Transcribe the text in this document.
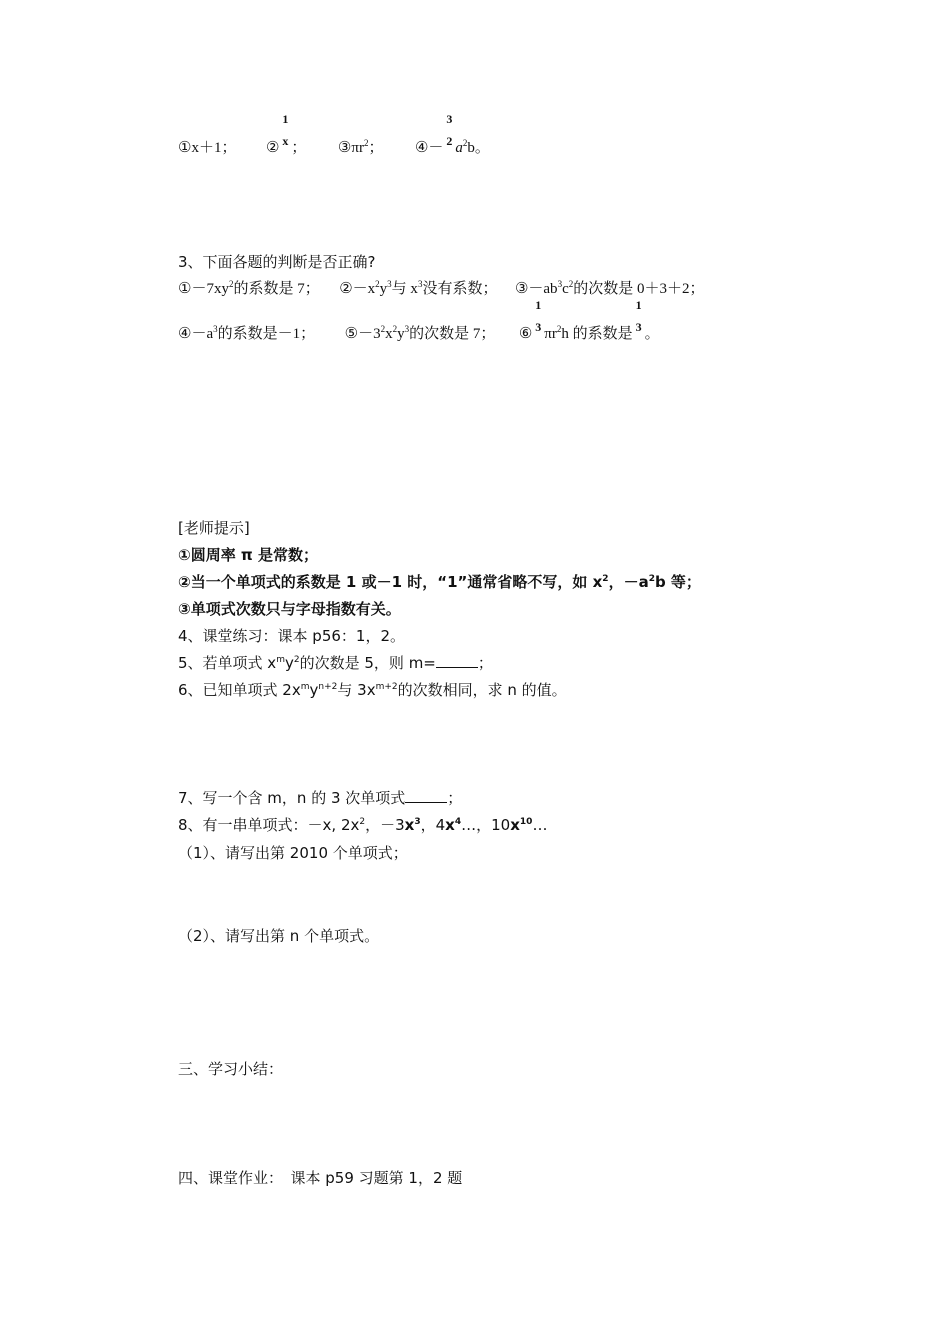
①x＋1； ②
1
x ； $③\pi r^2$； ④－
3
2 $a^2b$。
3、下面各题的判断是否正确?
$①-7xy^2$的系数是 7； $②-x^2y^3$与 $x^3$没有系数； $③-ab^3c^2$的次数是 0＋3＋2；
$④-a^3$的系数是－1； $⑤-3^2x^2y^3$的次数是 7； ⑥
1
3 $\pi r^2h$ 的系数是
1
3 。
[老师提示]
①圆周率 π 是常数；
②当一个单项式的系数是 1 或－1 时，“1”通常省略不写，如 $x^2$，$-a^2b$ 等；
③单项式次数只与字母指数有关。
4、课堂练习：课本 p56：1，2。
5、若单项式 $x^my^2$的次数是 5，则 m=	；
6、已知单项式 $2x^my^{n+2}$与 $3x^{m+2}$的次数相同，求 n 的值。
7、写一个含 m，n 的 3 次单项式	；
8、有一串单项式：－x, $2x^2$，$-3x^3$，$4x^4\dots$，$10x^{10}\dots$
（1）、请写出第 2010 个单项式；
（2）、请写出第 n 个单项式。
三、学习小结：
四、课堂作业：　课本 p59 习题第 1，2 题
